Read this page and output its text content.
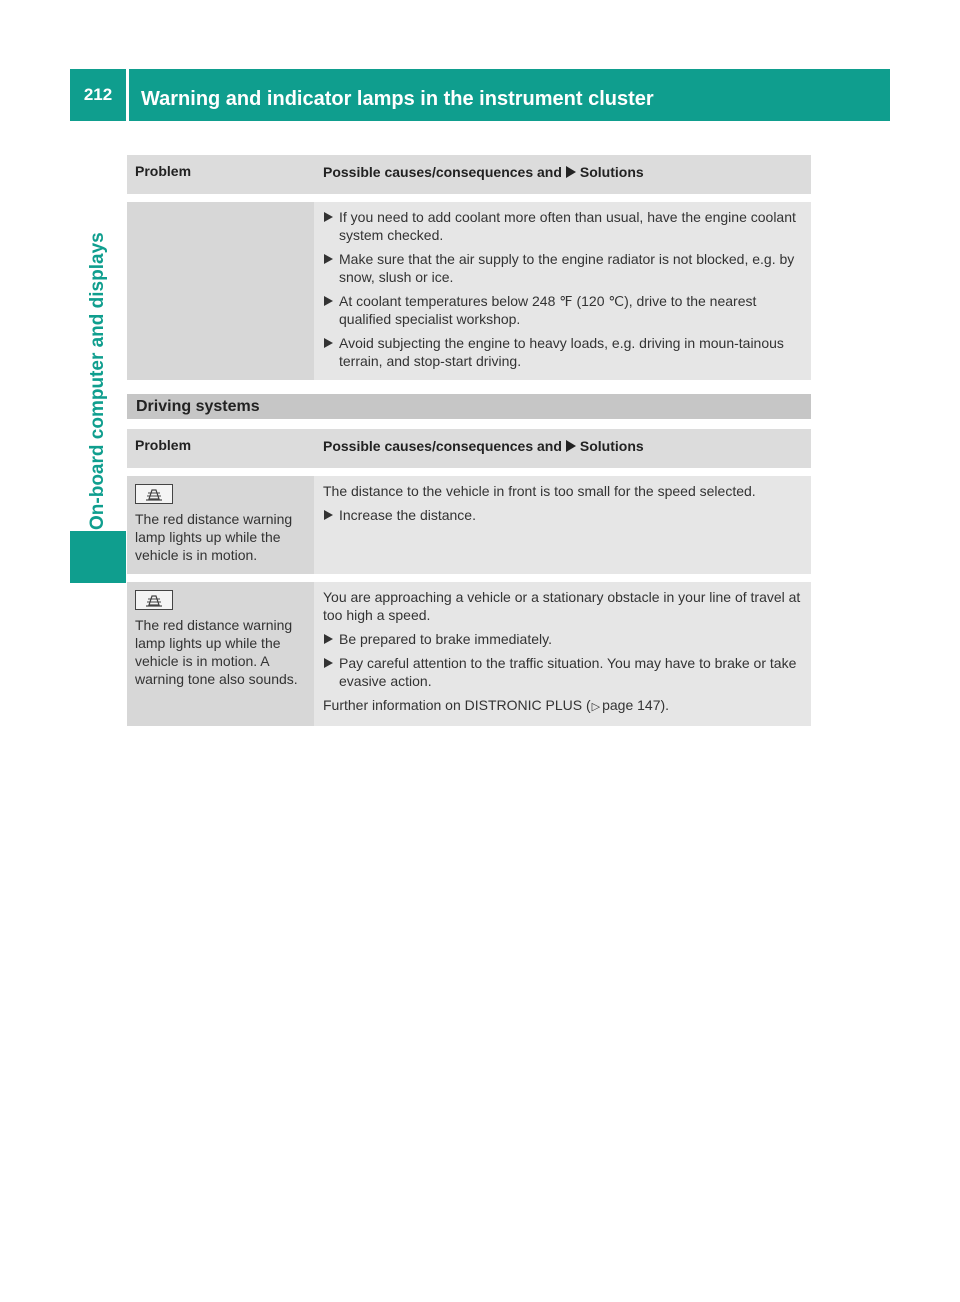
212	Warning and indicator lamps in the instrument cluster
On-board computer and displays
Problem	Possible causes/consequences and Solutions

If you need to add coolant more often than usual, have the engine coolant system checked.
Make sure that the air supply to the engine radiator is not blocked, e.g. by snow, slush or ice.
At coolant temperatures below 248 ℉ (120 ℃), drive to the nearest qualified specialist workshop.
Avoid subjecting the engine to heavy loads, e.g. driving in moun-tainous terrain, and stop-start driving.
Driving systems
Problem	Possible causes/consequences and Solutions

The red distance warning lamp lights up while the vehicle is in motion.	The distance to the vehicle in front is too small for the speed selected.
Increase the distance.

The red distance warning lamp lights up while the vehicle is in motion. A warning tone also sounds.	You are approaching a vehicle or a stationary obstacle in your line of travel at too high a speed.
Be prepared to brake immediately.
Pay careful attention to the traffic situation. You may have to brake or take evasive action.
Further information on DISTRONIC PLUS (▷ page 147).
